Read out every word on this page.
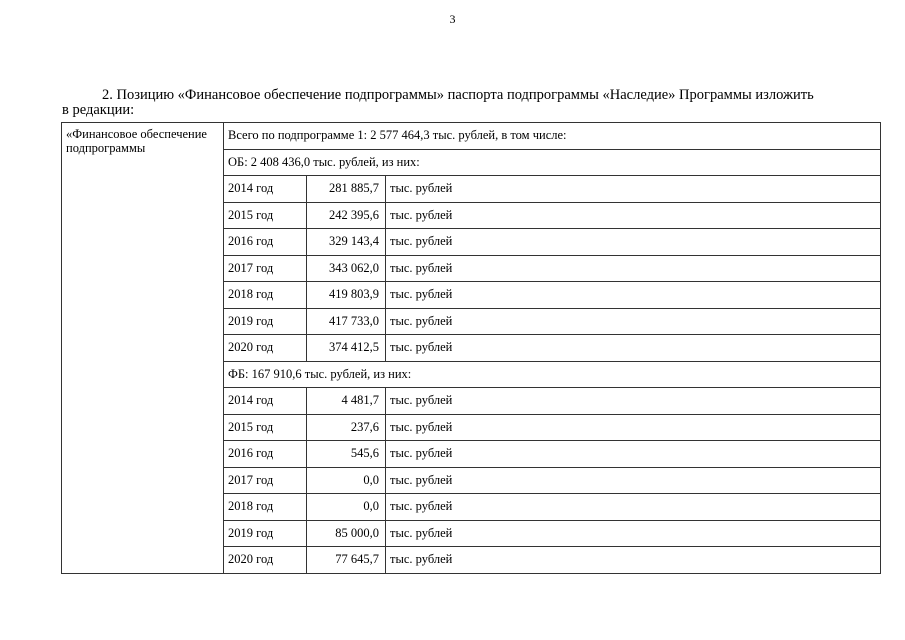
3
2. Позицию «Финансовое обеспечение подпрограммы» паспорта подпрограммы «Наследие» Программы изложить
в редакции:
«Финансовое обеспечение подпрограммы	Всего по подпрограмме 1: 2 577 464,3 тыс. рублей, в том числе:		
	ОБ: 2 408 436,0 тыс. рублей, из них:		
	2014 год	281 885,7	тыс. рублей
	2015 год	242 395,6	тыс. рублей
	2016 год	329 143,4	тыс. рублей
	2017 год	343 062,0	тыс. рублей
	2018 год	419 803,9	тыс. рублей
	2019 год	417 733,0	тыс. рублей
	2020 год	374 412,5	тыс. рублей
	ФБ: 167 910,6 тыс. рублей, из них:		
	2014 год	4 481,7	тыс. рублей
	2015 год	237,6	тыс. рублей
	2016 год	545,6	тыс. рублей
	2017 год	0,0	тыс. рублей
	2018 год	0,0	тыс. рублей
	2019 год	85 000,0	тыс. рублей
	2020 год	77 645,7	тыс. рублей
